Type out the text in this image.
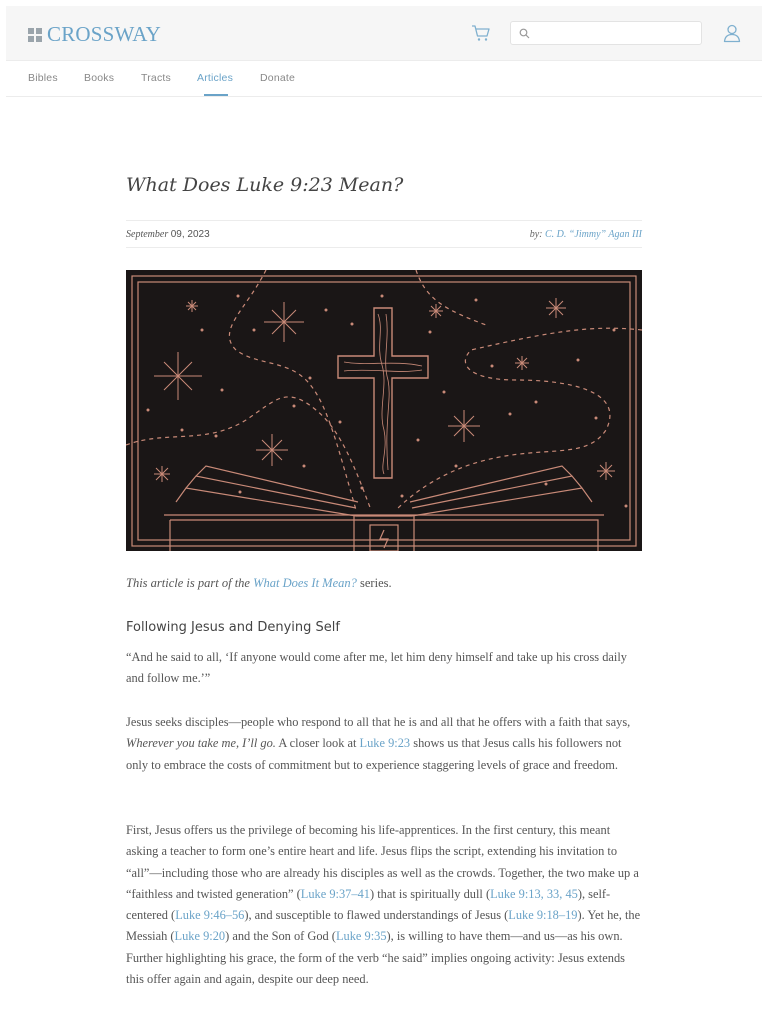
CROSSWAY
Bibles Books	Tracts Articles	Donate
What Does Luke 9:23 Mean?
September 09, 2023	by: C. D. “Jimmy” Agan III
This article is part of the What Does It Mean? series.
Following Jesus and Denying Self
“And he said to all, ‘If anyone would come after me, let him deny himself and take up his cross daily and follow me.’”
Jesus seeks disciples—people who respond to all that he is and all that he offers with a faith that says, Wherever you take me, I’ll go. A closer look at Luke 9:23 shows us that Jesus calls his followers not only to embrace the costs of commitment but to experience staggering levels of grace and freedom.
First, Jesus offers us the privilege of becoming his life-apprentices. In the first century, this meant asking a teacher to form one’s entire heart and life. Jesus flips the script, extending his invitation to “all”—including those who are already his disciples as well as the crowds. Together, the two make up a “faithless and twisted generation” (Luke 9:37–41) that is spiritually dull (Luke 9:13, 33, 45), self-centered (Luke 9:46–56), and susceptible to flawed understandings of Jesus (Luke 9:18–19). Yet he, the Messiah (Luke 9:20) and the Son of God (Luke 9:35), is willing to have them—and us—as his own. Further highlighting his grace, the form of the verb “he said” implies ongoing activity: Jesus extends this offer again and again, despite our deep need.
